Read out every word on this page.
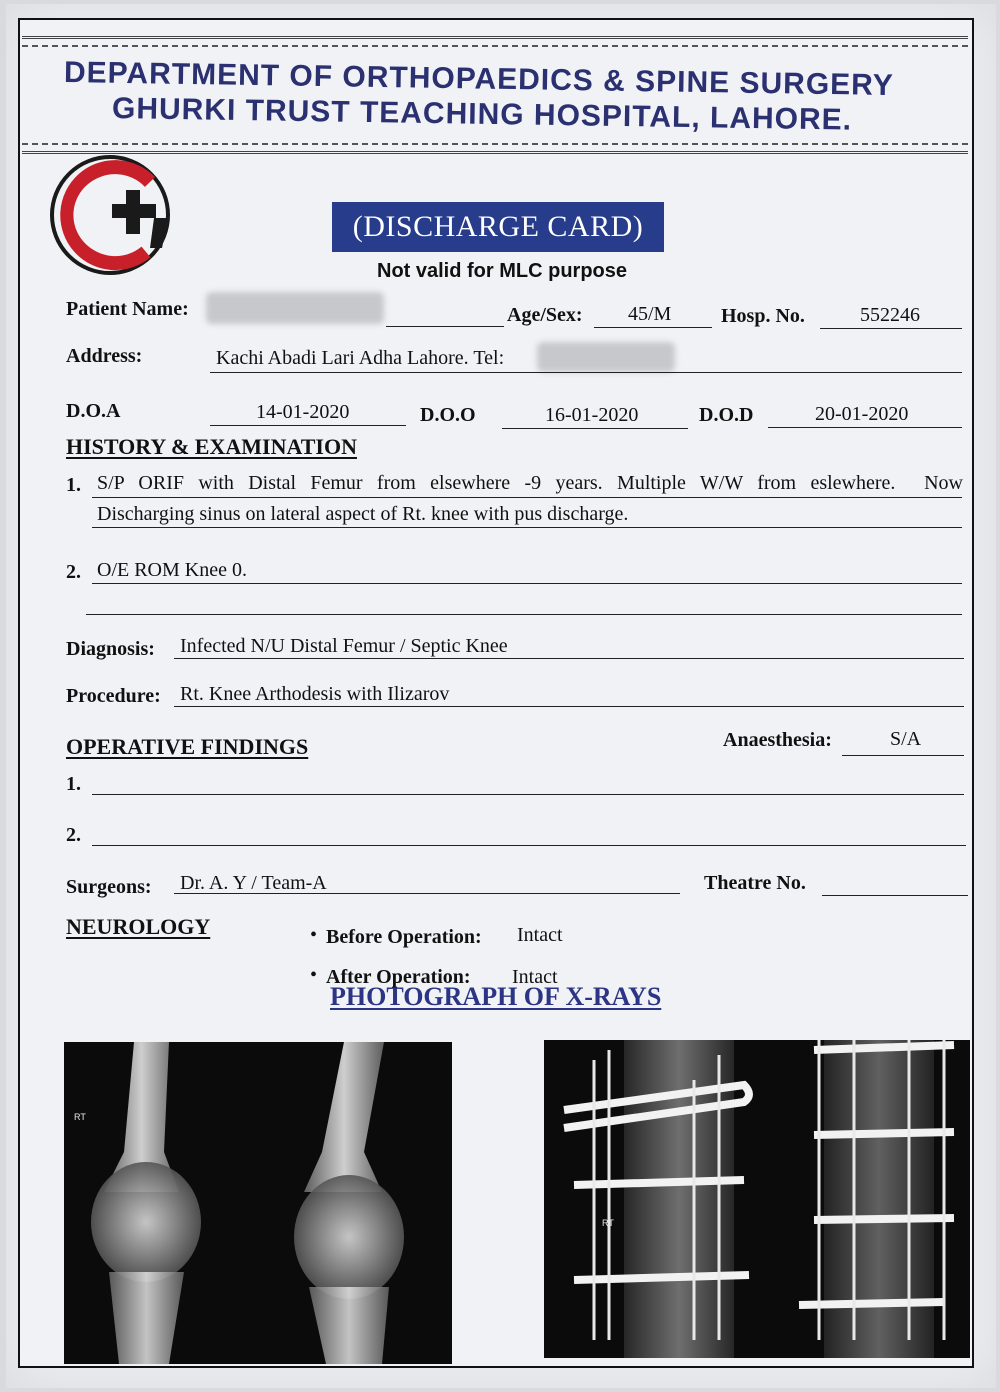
DEPARTMENT OF ORTHOPAEDICS & SPINE SURGERY
GHURKI TRUST TEACHING HOSPITAL, LAHORE.
(DISCHARGE CARD)
Not valid for MLC purpose
Patient Name:	Age/Sex: 45/M Hosp. No.	552246
Address:	Kachi Abadi Lari Adha Lahore. Tel:
D.O.A	14-01-2020	D.O.O	16-01-2020	D.O.D	20-01-2020
HISTORY & EXAMINATION
1. S/P ORIF with Distal Femur from elsewhere -9 years. Multiple W/W from eslewhere.  Now
Discharging sinus on lateral aspect of Rt. knee with pus discharge.
2. O/E ROM Knee 0.
Diagnosis: Infected N/U Distal Femur / Septic Knee
Procedure: Rt. Knee Arthodesis with Ilizarov
OPERATIVE FINDINGS	Anaesthesia:	S/A
1.
2.
Surgeons: Dr. A. Y / Team-A	Theatre No.
NEUROLOGY	• Before Operation: Intact
• After Operation: Intact
PHOTOGRAPH OF X-RAYS
RT
RT
